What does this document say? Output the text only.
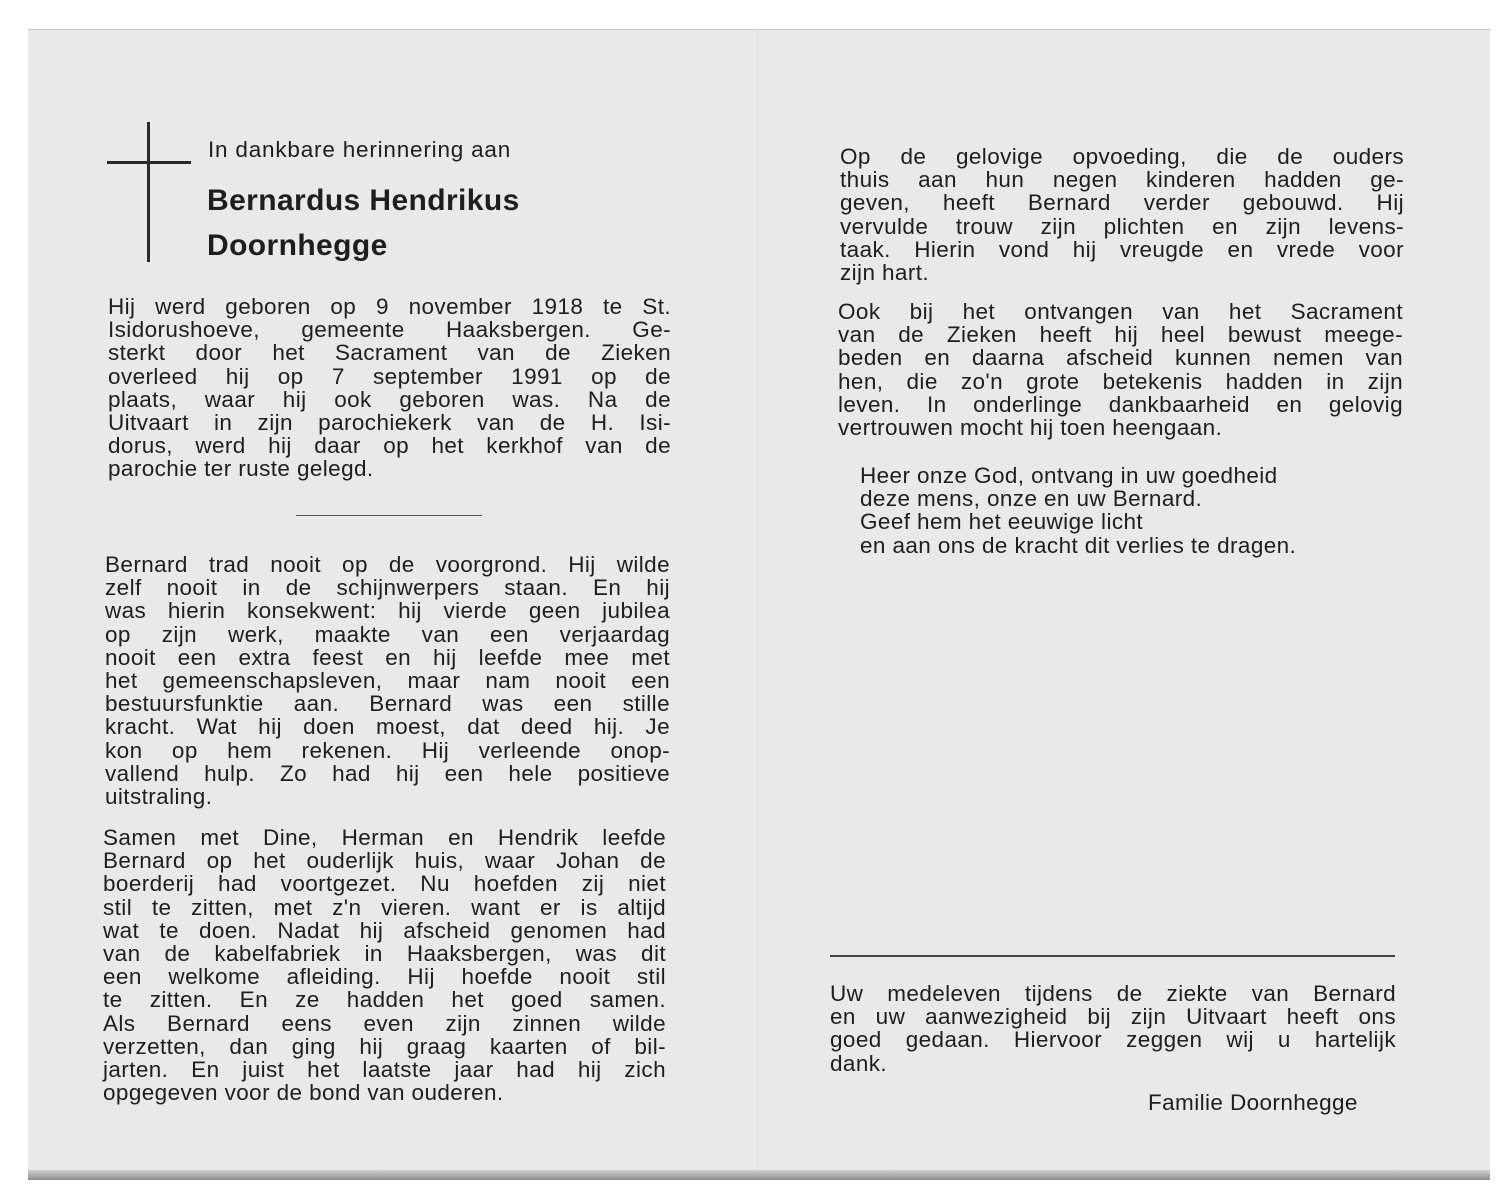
In dankbare herinnering aan

Bernardus Hendrikus
Doornhegge

Hij werd geboren op 9 november 1918 te St.
Isidorushoeve, gemeente Haaksbergen. Ge-
sterkt door het Sacrament van de Zieken
overleed hij op 7 september 1991 op de
plaats, waar hij ook geboren was. Na de
Uitvaart in zijn parochiekerk van de H. Isi-
dorus, werd hij daar op het kerkhof van de
parochie ter ruste gelegd.
Bernard trad nooit op de voorgrond. Hij wilde
zelf nooit in de schijnwerpers staan. En hij
was hierin konsekwent: hij vierde geen jubilea
op zijn werk, maakte van een verjaardag
nooit een extra feest en hij leefde mee met
het gemeenschapsleven, maar nam nooit een
bestuursfunktie aan. Bernard was een stille
kracht. Wat hij doen moest, dat deed hij. Je
kon op hem rekenen. Hij verleende onop-
vallend hulp. Zo had hij een hele positieve
uitstraling.
Samen met Dine, Herman en Hendrik leefde
Bernard op het ouderlijk huis, waar Johan de
boerderij had voortgezet. Nu hoefden zij niet
stil te zitten, met z'n vieren. want er is altijd
wat te doen. Nadat hij afscheid genomen had
van de kabelfabriek in Haaksbergen, was dit
een welkome afleiding. Hij hoefde nooit stil
te zitten. En ze hadden het goed samen.
Als Bernard eens even zijn zinnen wilde
verzetten, dan ging hij graag kaarten of bil-
jarten. En juist het laatste jaar had hij zich
opgegeven voor de bond van ouderen.
Op de gelovige opvoeding, die de ouders
thuis aan hun negen kinderen hadden ge-
geven, heeft Bernard verder gebouwd. Hij
vervulde trouw zijn plichten en zijn levens-
taak. Hierin vond hij vreugde en vrede voor
zijn hart.
Ook bij het ontvangen van het Sacrament
van de Zieken heeft hij heel bewust meege-
beden en daarna afscheid kunnen nemen van
hen, die zo'n grote betekenis hadden in zijn
leven. In onderlinge dankbaarheid en gelovig
vertrouwen mocht hij toen heengaan.
Heer onze God, ontvang in uw goedheid
deze mens, onze en uw Bernard.
Geef hem het eeuwige licht
en aan ons de kracht dit verlies te dragen.
Uw medeleven tijdens de ziekte van Bernard
en uw aanwezigheid bij zijn Uitvaart heeft ons
goed gedaan. Hiervoor zeggen wij u hartelijk
dank.

Familie Doornhegge
